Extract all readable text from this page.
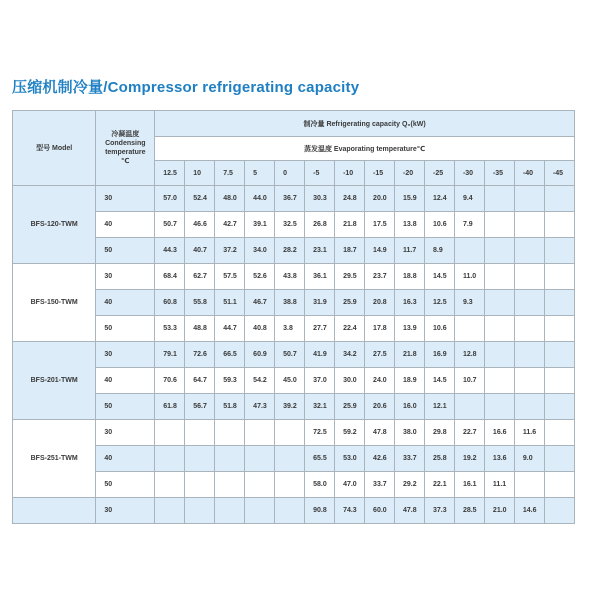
压缩机制冷量/Compressor refrigerating capacity
型号 Model	冷凝温度
Condensing
temperature
℃	制冷量 Refrigerating capacity Q₀(kW)													
		蒸发温度 Evaporating temperature℃													
		12.5	10	7.5	5	0	-5	-10	-15	-20	-25	-30	-35	-40	-45
BFS-120-TWM	30	57.0	52.4	48.0	44.0	36.7	30.3	24.8	20.0	15.9	12.4	9.4			
	40	50.7	46.6	42.7	39.1	32.5	26.8	21.8	17.5	13.8	10.6	7.9			
	50	44.3	40.7	37.2	34.0	28.2	23.1	18.7	14.9	11.7	8.9				
BFS-150-TWM	30	68.4	62.7	57.5	52.6	43.8	36.1	29.5	23.7	18.8	14.5	11.0			
	40	60.8	55.8	51.1	46.7	38.8	31.9	25.9	20.8	16.3	12.5	9.3			
	50	53.3	48.8	44.7	40.8	3.8	27.7	22.4	17.8	13.9	10.6				
BFS-201-TWM	30	79.1	72.6	66.5	60.9	50.7	41.9	34.2	27.5	21.8	16.9	12.8			
	40	70.6	64.7	59.3	54.2	45.0	37.0	30.0	24.0	18.9	14.5	10.7			
	50	61.8	56.7	51.8	47.3	39.2	32.1	25.9	20.6	16.0	12.1				
BFS-251-TWM	30						72.5	59.2	47.8	38.0	29.8	22.7	16.6	11.6	
	40						65.5	53.0	42.6	33.7	25.8	19.2	13.6	9.0	
	50						58.0	47.0	33.7	29.2	22.1	16.1	11.1		
	30						90.8	74.3	60.0	47.8	37.3	28.5	21.0	14.6	
